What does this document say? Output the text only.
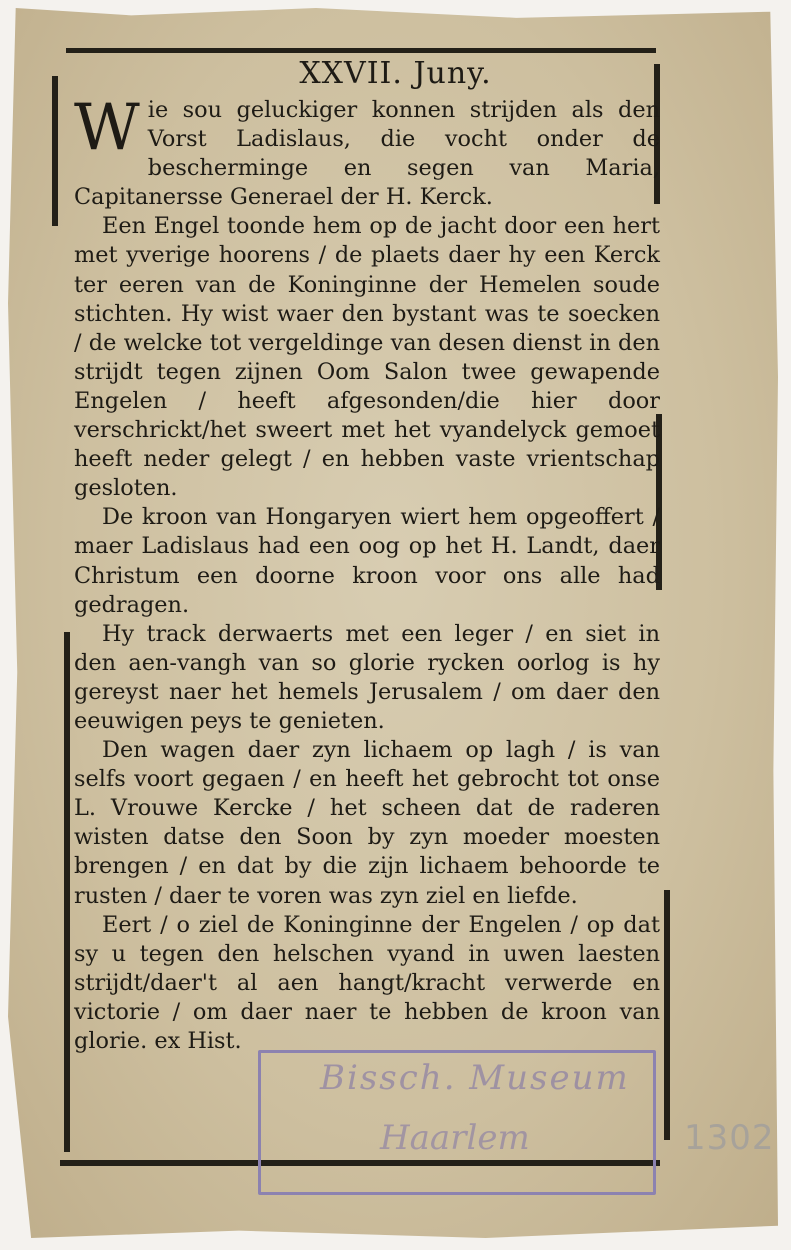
Bissch. Museum
Haarlem	1302
XXVII. Juny.

Wie sou geluckiger konnen strijden als den Vorst Ladislaus, die vocht onder de bescherminge en segen van Maria, Capitanersse Generael der H. Kerck.

Een Engel toonde hem op de jacht door een hert met yverige hoorens / de plaets daer hy een Kerck ter eeren van de Koninginne der Hemelen soude stichten. Hy wist waer den bystant was te soecken / de welcke tot vergeldinge van desen dienst in den strijdt tegen zijnen Oom Salon twee gewapende Engelen / heeft afgesonden/die hier door verschrickt/het sweert met het vyandelyck gemoet heeft neder gelegt / en hebben vaste vrientschap gesloten.

De kroon van Hongaryen wiert hem opgeoffert / maer Ladislaus had een oog op het H. Landt, daer Christum een doorne kroon voor ons alle had gedragen.

Hy track derwaerts met een leger / en siet in den aen-vangh van so glorie rycken oorlog is hy gereyst naer het hemels Jerusalem / om daer den eeuwigen peys te genieten.

Den wagen daer zyn lichaem op lagh / is van selfs voort gegaen / en heeft het gebrocht tot onse L. Vrouwe Kercke / het scheen dat de raderen wisten datse den Soon by zyn moeder moesten brengen / en dat by die zijn lichaem behoorde te rusten / daer te voren was zyn ziel en liefde.

Eert / o ziel de Koninginne der Engelen / op dat sy u tegen den helschen vyand in uwen laesten strijdt/daer't al aen hangt/kracht verwerde en victorie / om daer naer te hebben de kroon van glorie. ex Hist.
